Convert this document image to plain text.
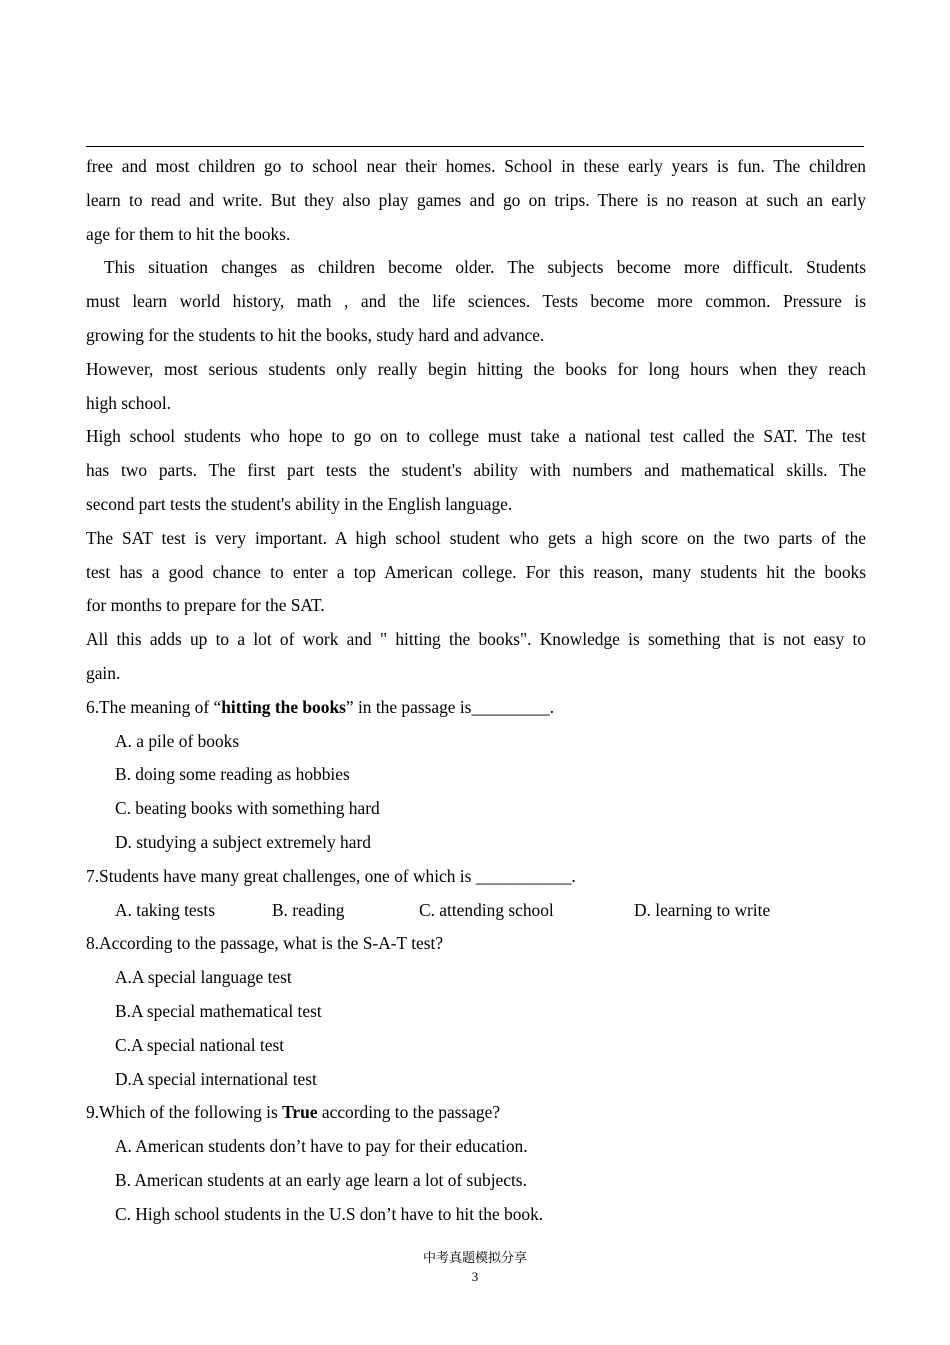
free and most children go to school near their homes. School in these early years is fun. The children
learn to read and write. But they also play games and go on trips. There is no reason at such an early
age for them to hit the books.
This situation changes as children become older. The subjects become more difficult. Students
must learn world history, math , and the life sciences. Tests become more common. Pressure is
growing for the students to hit the books, study hard and advance.
However, most serious students only really begin hitting the books for long hours when they reach
high school.
High school students who hope to go on to college must take a national test called the SAT. The test
has two parts. The first part tests the student's ability with numbers and mathematical skills. The
second part tests the student's ability in the English language.
The SAT test is very important. A high school student who gets a high score on the two parts of the
test has a good chance to enter a top American college. For this reason, many students hit the books
for months to prepare for the SAT.
All this adds up to a lot of work and " hitting the books". Knowledge is something that is not easy to
gain.
6.The meaning of “hitting the books” in the passage is_________.
A. a pile of books
B. doing some reading as hobbies
C. beating books with something hard
D. studying a subject extremely hard
7.Students have many great challenges, one of which is ___________.
A. taking tests	B. reading	C. attending school	D. learning to write
8.According to the passage, what is the S-A-T test?
A.A special language test
B.A special mathematical test
C.A special national test
D.A special international test
9.Which of the following is True according to the passage?
A. American students don’t have to pay for their education.
B. American students at an early age learn a lot of subjects.
C. High school students in the U.S don’t have to hit the book.
中考真题模拟分享
3
